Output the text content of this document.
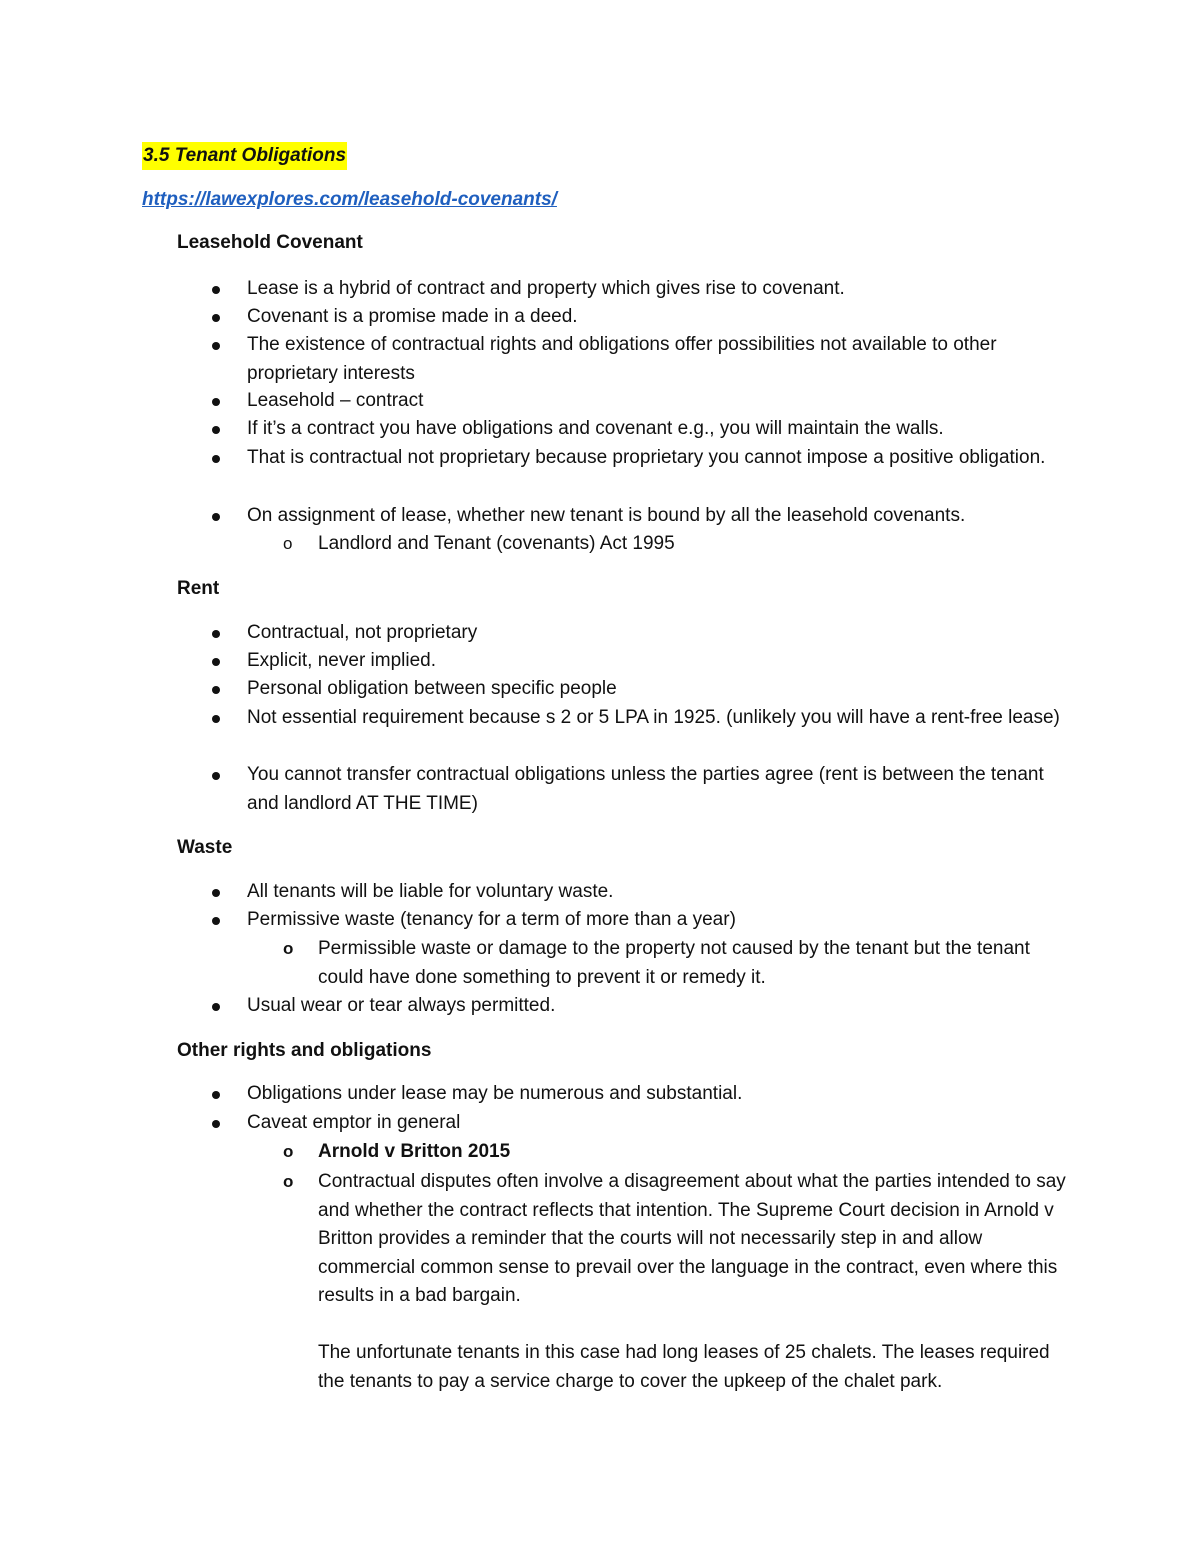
3.5 Tenant Obligations
https://lawexplores.com/leasehold-covenants/
Leasehold Covenant
Lease is a hybrid of contract and property which gives rise to covenant.
Covenant is a promise made in a deed.
The existence of contractual rights and obligations offer possibilities not available to other proprietary interests
Leasehold – contract
If it’s a contract you have obligations and covenant e.g., you will maintain the walls.
That is contractual not proprietary because proprietary you cannot impose a positive obligation.
On assignment of lease, whether new tenant is bound by all the leasehold covenants.
o Landlord and Tenant (covenants) Act 1995
Rent
Contractual, not proprietary
Explicit, never implied.
Personal obligation between specific people
Not essential requirement because s 2 or 5 LPA in 1925. (unlikely you will have a rent-free lease)
You cannot transfer contractual obligations unless the parties agree (rent is between the tenant and landlord AT THE TIME)
Waste
All tenants will be liable for voluntary waste.
Permissive waste (tenancy for a term of more than a year)
o Permissible waste or damage to the property not caused by the tenant but the tenant could have done something to prevent it or remedy it.
Usual wear or tear always permitted.
Other rights and obligations
Obligations under lease may be numerous and substantial.
Caveat emptor in general
o Arnold v Britton 2015
o Contractual disputes often involve a disagreement about what the parties intended to say and whether the contract reflects that intention. The Supreme Court decision in Arnold v Britton provides a reminder that the courts will not necessarily step in and allow commercial common sense to prevail over the language in the contract, even where this results in a bad bargain.
The unfortunate tenants in this case had long leases of 25 chalets. The leases required the tenants to pay a service charge to cover the upkeep of the chalet park.
